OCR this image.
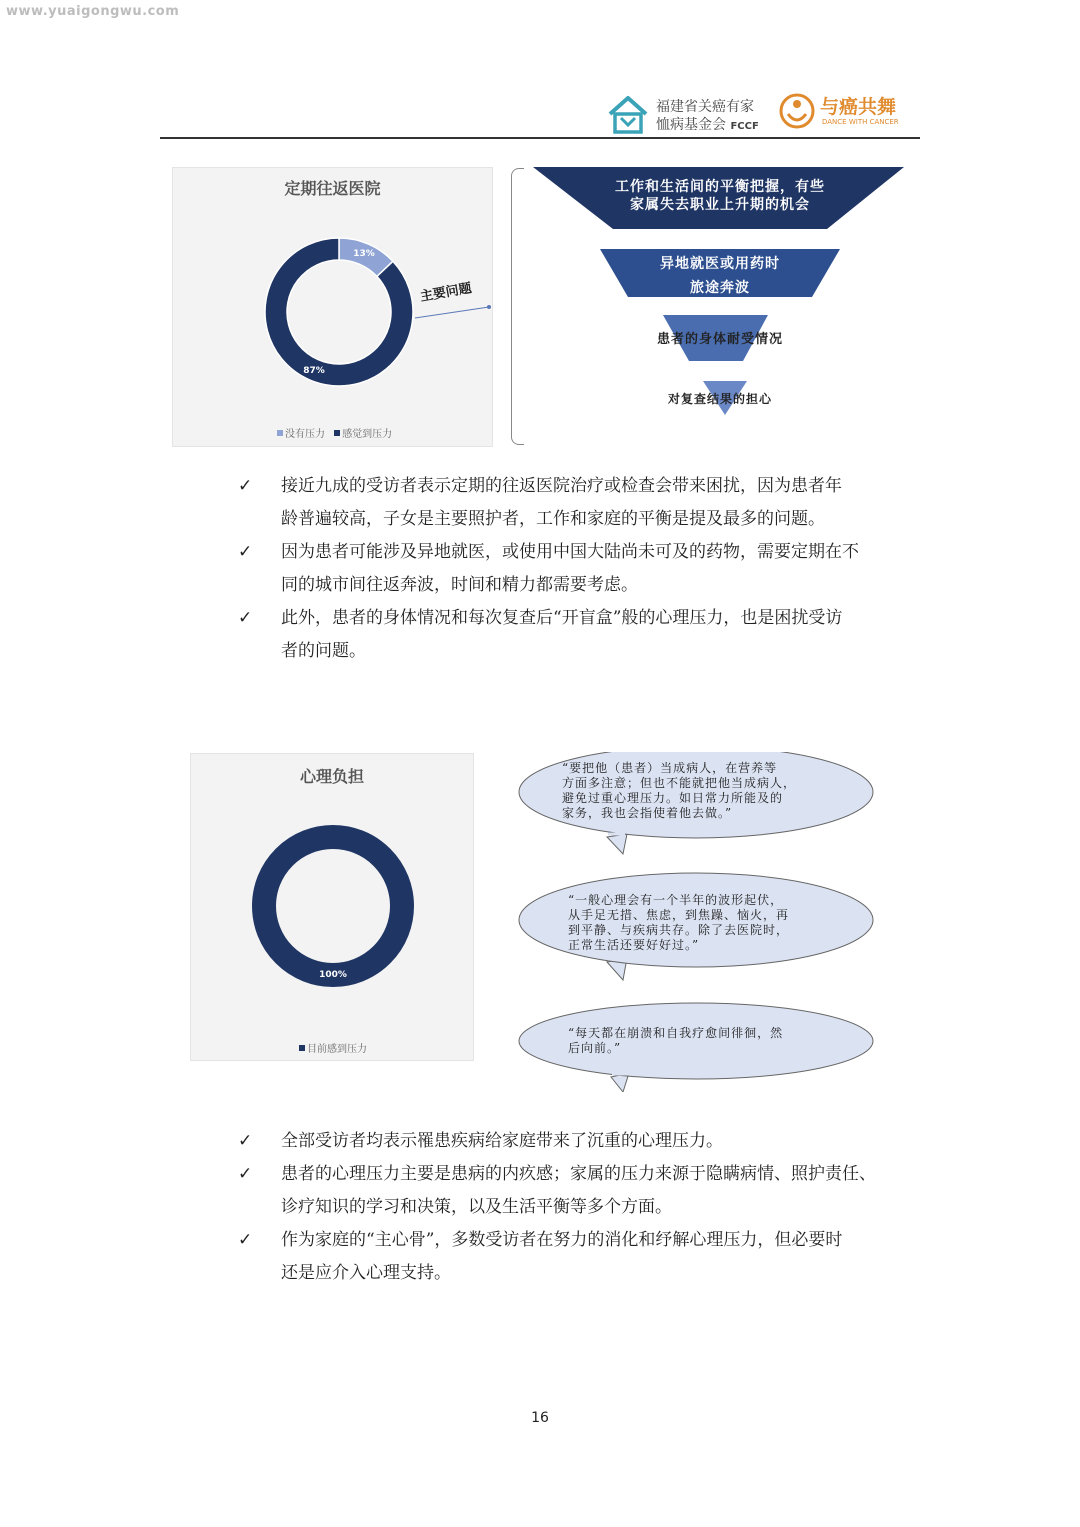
www.yuaigongwu.com
福建省关癌有家
恤病基金会 FCCF
与癌共舞
DANCE WITH CANCER
定期往返医院
13%
87%
没有压力 感觉到压力
主要问题
工作和生活间的平衡把握，有些
家属失去职业上升期的机会
异地就医或用药时
旅途奔波
患者的身体耐受情况
对复查结果的担心
✓ 接近九成的受访者表示定期的往返医院治疗或检查会带来困扰，因为患者年
龄普遍较高，子女是主要照护者，工作和家庭的平衡是提及最多的问题。
✓ 因为患者可能涉及异地就医，或使用中国大陆尚未可及的药物，需要定期在不
同的城市间往返奔波，时间和精力都需要考虑。
✓ 此外，患者的身体情况和每次复查后“开盲盒”般的心理压力，也是困扰受访
者的问题。
心理负担
100%
目前感到压力
“要把他（患者）当成病人，在营养等
方面多注意；但也不能就把他当成病人，
避免过重心理压力。如日常力所能及的
家务，我也会指使着他去做。”
“一般心理会有一个半年的波形起伏，
从手足无措、焦虑，到焦躁、恼火，再
到平静、与疾病共存。除了去医院时，
正常生活还要好好过。”
“每天都在崩溃和自我疗愈间徘徊，然
后向前。”
✓ 全部受访者均表示罹患疾病给家庭带来了沉重的心理压力。
✓ 患者的心理压力主要是患病的内疚感；家属的压力来源于隐瞒病情、照护责任、
诊疗知识的学习和决策，以及生活平衡等多个方面。
✓ 作为家庭的“主心骨”，多数受访者在努力的消化和纾解心理压力，但必要时
还是应介入心理支持。
16
